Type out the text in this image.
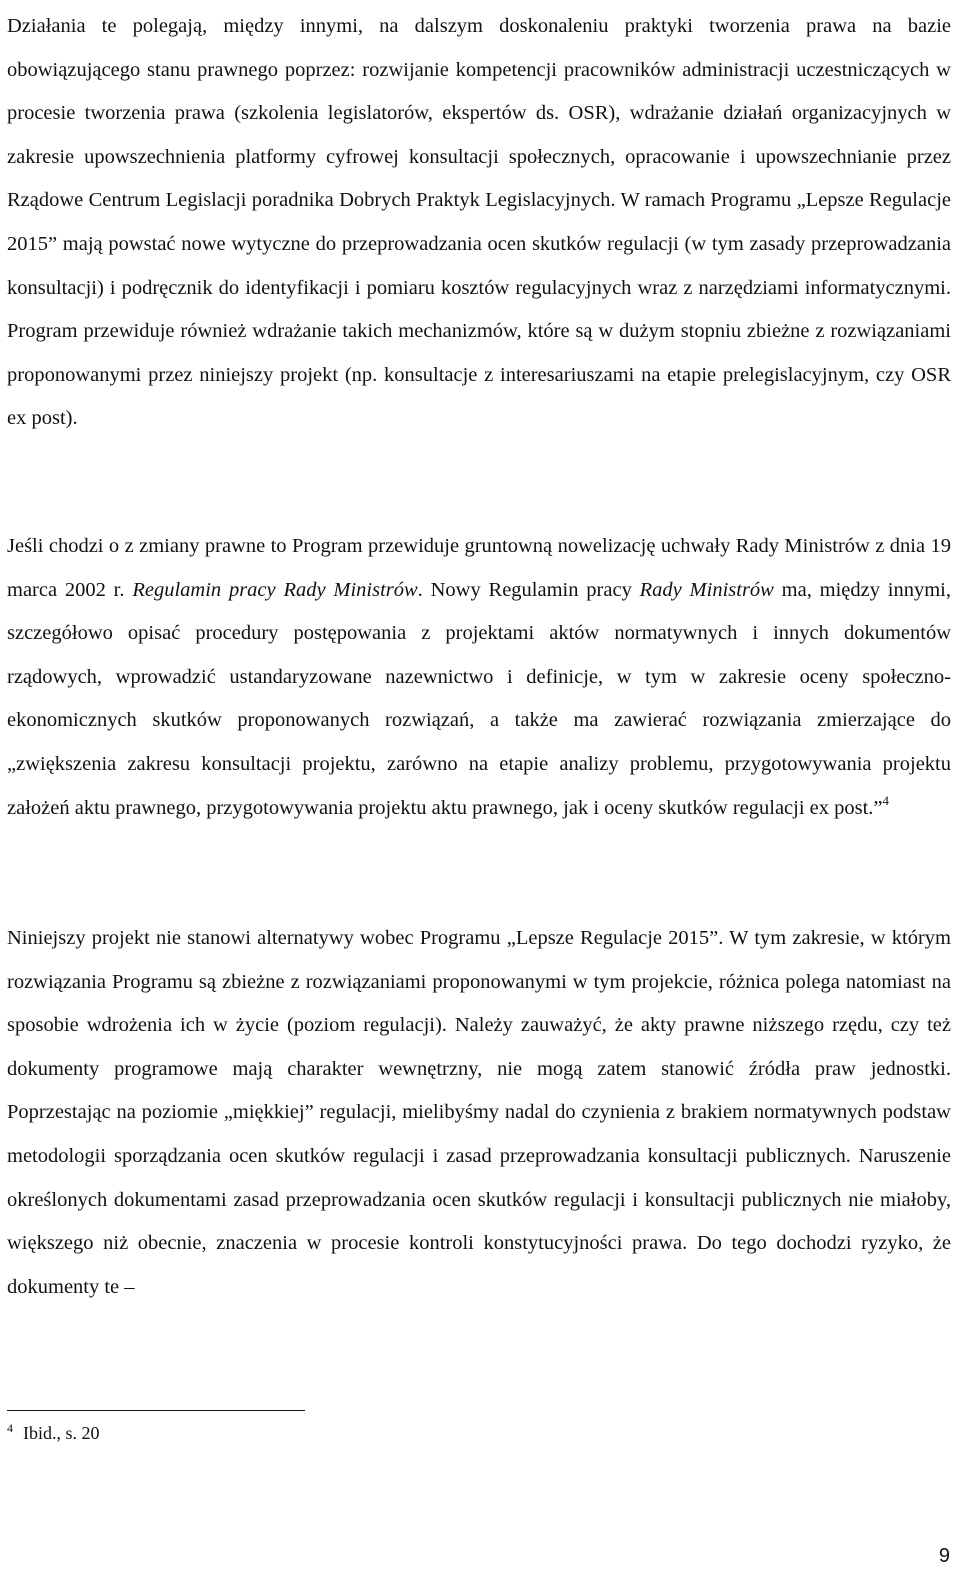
Działania te polegają, między innymi, na dalszym doskonaleniu praktyki tworzenia prawa na bazie obowiązującego stanu prawnego poprzez: rozwijanie kompetencji pracowników administracji uczestniczących w procesie tworzenia prawa (szkolenia legislatorów, ekspertów ds. OSR), wdrażanie działań organizacyjnych w zakresie upowszechnienia platformy cyfrowej konsultacji społecznych, opracowanie i upowszechnianie przez Rządowe Centrum Legislacji poradnika Dobrych Praktyk Legislacyjnych. W ramach Programu „Lepsze Regulacje 2015” mają powstać nowe wytyczne do przeprowadzania ocen skutków regulacji (w tym zasady przeprowadzania konsultacji) i podręcznik do identyfikacji i pomiaru kosztów regulacyjnych wraz z narzędziami informatycznymi. Program przewiduje również wdrażanie takich mechanizmów, które są w dużym stopniu zbieżne z rozwiązaniami proponowanymi przez niniejszy projekt (np. konsultacje z interesariuszami na etapie prelegislacyjnym, czy OSR ex post).

Jeśli chodzi o z zmiany prawne to Program przewiduje gruntowną nowelizację uchwały Rady Ministrów z dnia 19 marca 2002 r. Regulamin pracy Rady Ministrów. Nowy Regulamin pracy Rady Ministrów ma, między innymi, szczegółowo opisać procedury postępowania z projektami aktów normatywnych i innych dokumentów rządowych, wprowadzić ustandaryzowane nazewnictwo i definicje, w tym w zakresie oceny społeczno-ekonomicznych skutków proponowanych rozwiązań, a także ma zawierać rozwiązania zmierzające do „zwiększenia zakresu konsultacji projektu, zarówno na etapie analizy problemu, przygotowywania projektu założeń aktu prawnego, przygotowywania projektu aktu prawnego, jak i oceny skutków regulacji ex post.”$^4$

Niniejszy projekt nie stanowi alternatywy wobec Programu „Lepsze Regulacje 2015”. W tym zakresie, w którym rozwiązania Programu są zbieżne z rozwiązaniami proponowanymi w tym projekcie, różnica polega natomiast na sposobie wdrożenia ich w życie (poziom regulacji). Należy zauważyć, że akty prawne niższego rzędu, czy też dokumenty programowe mają charakter wewnętrzny, nie mogą zatem stanowić źródła praw jednostki. Poprzestając na poziomie „miękkiej” regulacji, mielibyśmy nadal do czynienia z brakiem normatywnych podstaw metodologii sporządzania ocen skutków regulacji i zasad przeprowadzania konsultacji publicznych. Naruszenie określonych dokumentami zasad przeprowadzania ocen skutków regulacji i konsultacji publicznych nie miałoby, większego niż obecnie, znaczenia w procesie kontroli konstytucyjności prawa. Do tego dochodzi ryzyko, że dokumenty te –

$^4$ Ibid., s. 20

9
